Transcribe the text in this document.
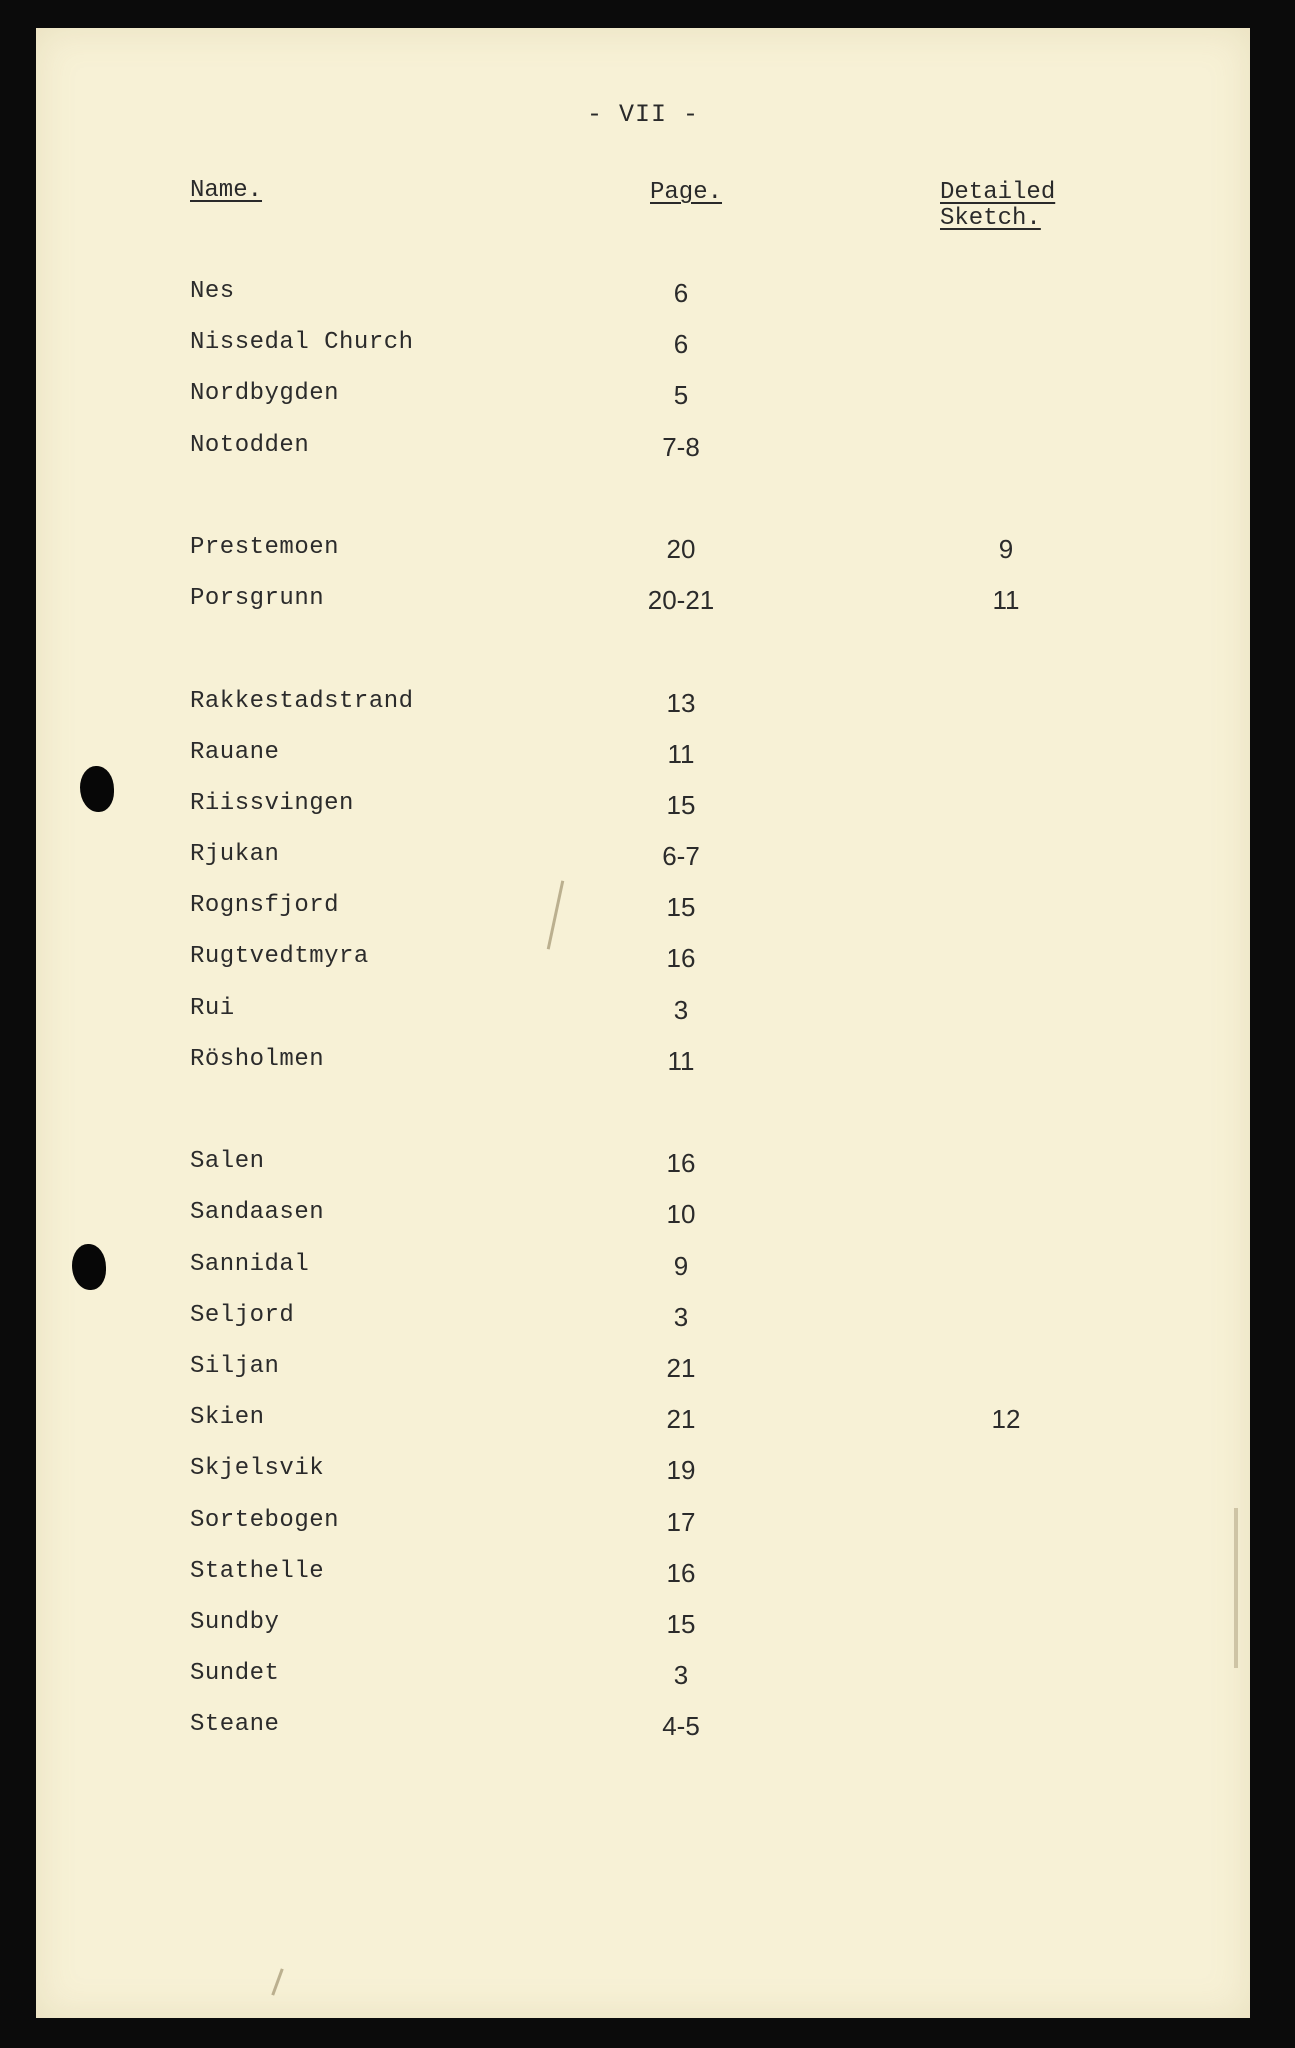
- VII -
Name.	Page.	Detailed
Sketch.
Nes	6
Nissedal Church	6
Nordbygden	5
Notodden	7-8
Prestemoen	20	9
Porsgrunn	20-21	11
Rakkestadstrand	13
Rauane	11
Riissvingen	15
Rjukan	6-7
Rognsfjord	15
Rugtvedtmyra	16
Rui	3
Rösholmen	11
Salen	16
Sandaasen	10
Sannidal	9
Seljord	3
Siljan	21
Skien	21	12
Skjelsvik	19
Sortebogen	17
Stathelle	16
Sundby	15
Sundet	3
Steane	4-5
